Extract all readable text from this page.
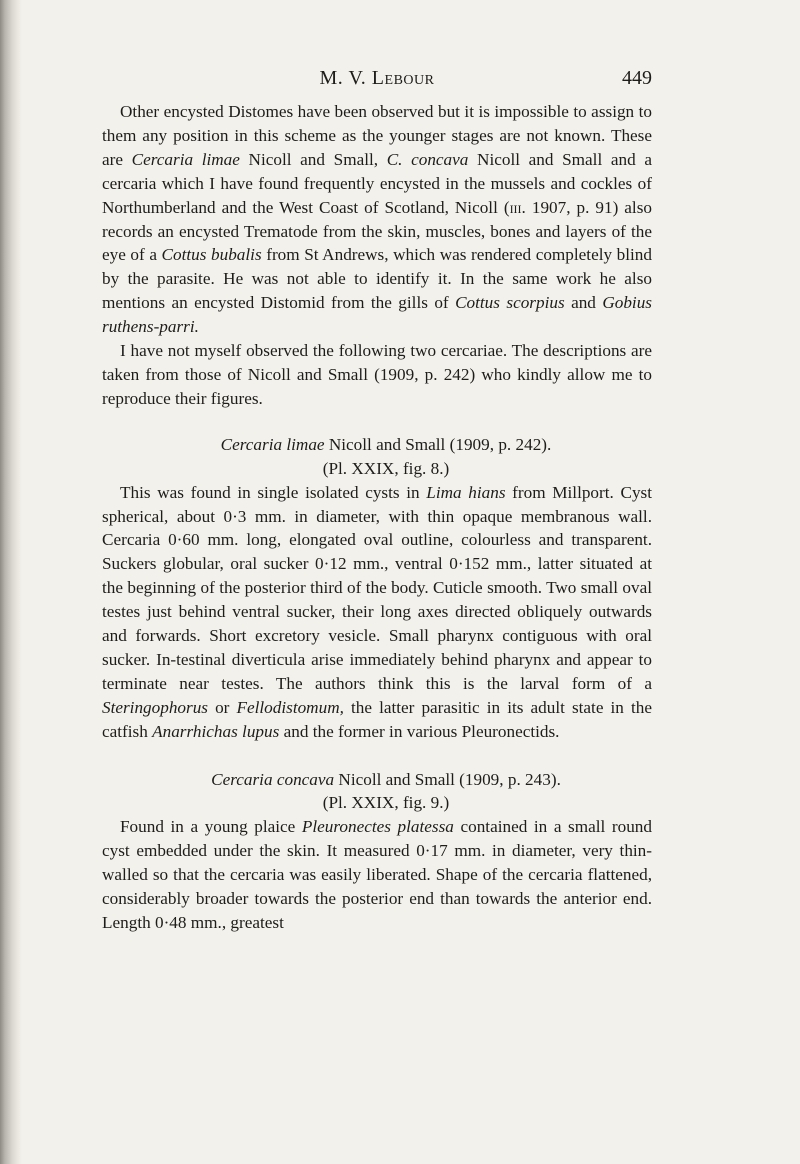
M. V. Lebour	449

Other encysted Distomes have been observed but it is impossible to assign to them any position in this scheme as the younger stages are not known. These are Cercaria limae Nicoll and Small, C. concava Nicoll and Small and a cercaria which I have found frequently encysted in the mussels and cockles of Northumberland and the West Coast of Scotland, Nicoll (iii. 1907, p. 91) also records an encysted Trematode from the skin, muscles, bones and layers of the eye of a Cottus bubalis from St Andrews, which was rendered completely blind by the parasite. He was not able to identify it. In the same work he also mentions an encysted Distomid from the gills of Cottus scorpius and Gobius ruthens-parri.

I have not myself observed the following two cercariae. The descriptions are taken from those of Nicoll and Small (1909, p. 242) who kindly allow me to reproduce their figures.

Cercaria limae Nicoll and Small (1909, p. 242).

(Pl. XXIX, fig. 8.)

This was found in single isolated cysts in Lima hians from Millport. Cyst spherical, about 0·3 mm. in diameter, with thin opaque membranous wall. Cercaria 0·60 mm. long, elongated oval outline, colourless and transparent. Suckers globular, oral sucker 0·12 mm., ventral 0·152 mm., latter situated at the beginning of the posterior third of the body. Cuticle smooth. Two small oval testes just behind ventral sucker, their long axes directed obliquely outwards and forwards. Short excretory vesicle. Small pharynx contiguous with oral sucker. In-testinal diverticula arise immediately behind pharynx and appear to terminate near testes. The authors think this is the larval form of a Steringophorus or Fellodistomum, the latter parasitic in its adult state in the catfish Anarrhichas lupus and the former in various Pleuronectids.

Cercaria concava Nicoll and Small (1909, p. 243).

(Pl. XXIX, fig. 9.)

Found in a young plaice Pleuronectes platessa contained in a small round cyst embedded under the skin. It measured 0·17 mm. in diameter, very thin-walled so that the cercaria was easily liberated. Shape of the cercaria flattened, considerably broader towards the posterior end than towards the anterior end. Length 0·48 mm., greatest
